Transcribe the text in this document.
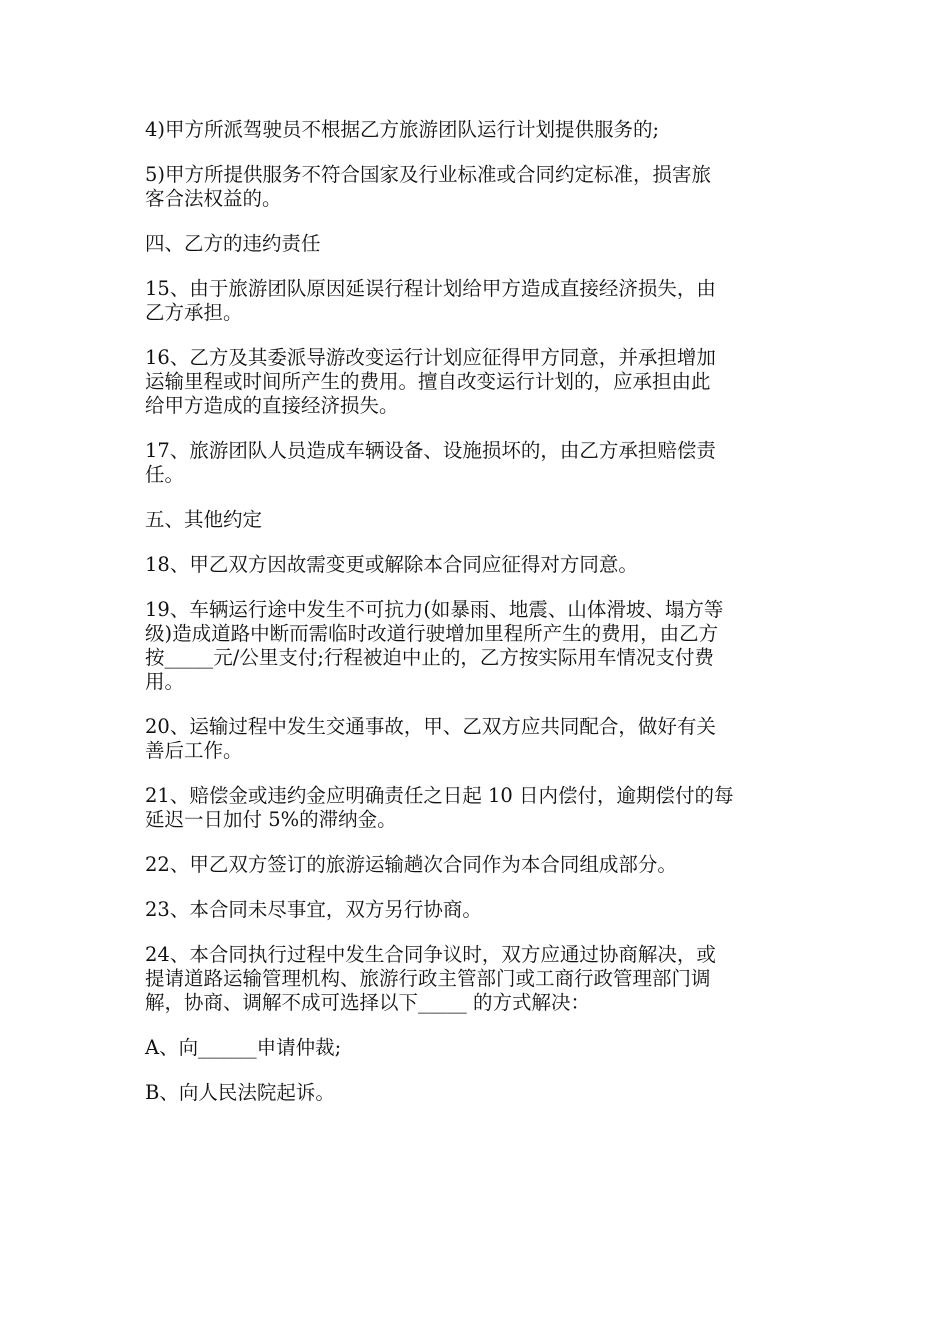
4)甲方所派驾驶员不根据乙方旅游团队运行计划提供服务的;

5)甲方所提供服务不符合国家及行业标准或合同约定标准，损害旅
客合法权益的。

四、乙方的违约责任

15、由于旅游团队原因延误行程计划给甲方造成直接经济损失，由
乙方承担。

16、乙方及其委派导游改变运行计划应征得甲方同意，并承担增加
运输里程或时间所产生的费用。擅自改变运行计划的，应承担由此
给甲方造成的直接经济损失。

17、旅游团队人员造成车辆设备、设施损坏的，由乙方承担赔偿责
任。

五、其他约定

18、甲乙双方因故需变更或解除本合同应征得对方同意。

19、车辆运行途中发生不可抗力(如暴雨、地震、山体滑坡、塌方等
级)造成道路中断而需临时改道行驶增加里程所产生的费用，由乙方
按_____元/公里支付;行程被迫中止的，乙方按实际用车情况支付费
用。

20、运输过程中发生交通事故，甲、乙双方应共同配合，做好有关
善后工作。

21、赔偿金或违约金应明确责任之日起 10 日内偿付，逾期偿付的每
延迟一日加付 5%的滞纳金。

22、甲乙双方签订的旅游运输趟次合同作为本合同组成部分。

23、本合同未尽事宜，双方另行协商。

24、本合同执行过程中发生合同争议时，双方应通过协商解决，或
提请道路运输管理机构、旅游行政主管部门或工商行政管理部门调
解，协商、调解不成可选择以下_____ 的方式解决：

A、向______申请仲裁;

B、向人民法院起诉。
